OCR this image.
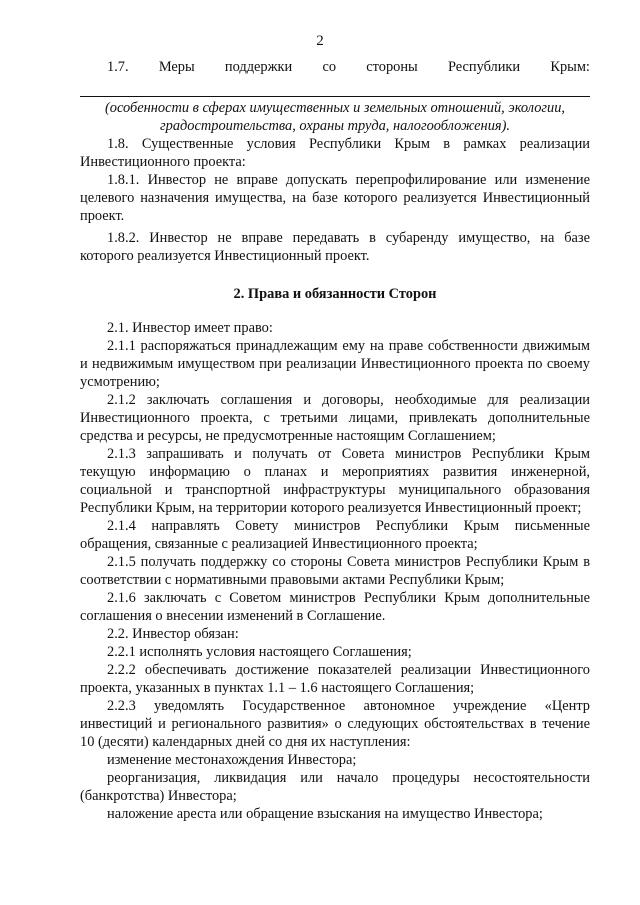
2
1.7. Меры поддержки со стороны Республики Крым:

(особенности в сферах имущественных и земельных отношений, экологии, градостроительства, охраны труда, налогообложения).

1.8. Существенные условия Республики Крым в рамках реализации Инвестиционного проекта:

1.8.1. Инвестор не вправе допускать перепрофилирование или изменение целевого назначения имущества, на базе которого реализуется Инвестиционный проект.

1.8.2. Инвестор не вправе передавать в субаренду имущество, на базе которого реализуется Инвестиционный проект.

2. Права и обязанности Сторон

2.1. Инвестор имеет право:

2.1.1 распоряжаться принадлежащим ему на праве собственности движимым и недвижимым имуществом при реализации Инвестиционного проекта по своему усмотрению;

2.1.2 заключать соглашения и договоры, необходимые для реализации Инвестиционного проекта, с третьими лицами, привлекать дополнительные средства и ресурсы, не предусмотренные настоящим Соглашением;

2.1.3 запрашивать и получать от Совета министров Республики Крым текущую информацию о планах и мероприятиях развития инженерной, социальной и транспортной инфраструктуры муниципального образования Республики Крым, на территории которого реализуется Инвестиционный проект;

2.1.4 направлять Совету министров Республики Крым письменные обращения, связанные с реализацией Инвестиционного проекта;

2.1.5 получать поддержку со стороны Совета министров Республики Крым в соответствии с нормативными правовыми актами Республики Крым;

2.1.6 заключать с Советом министров Республики Крым дополнительные соглашения о внесении изменений в Соглашение.

2.2. Инвестор обязан:

2.2.1 исполнять условия настоящего Соглашения;

2.2.2 обеспечивать достижение показателей реализации Инвестиционного проекта, указанных в пунктах 1.1 – 1.6 настоящего Соглашения;

2.2.3 уведомлять Государственное автономное учреждение «Центр инвестиций и регионального развития» о следующих обстоятельствах в течение 10 (десяти) календарных дней со дня их наступления:

изменение местонахождения Инвестора;

реорганизация, ликвидация или начало процедуры несостоятельности (банкротства) Инвестора;

наложение ареста или обращение взыскания на имущество Инвестора;
